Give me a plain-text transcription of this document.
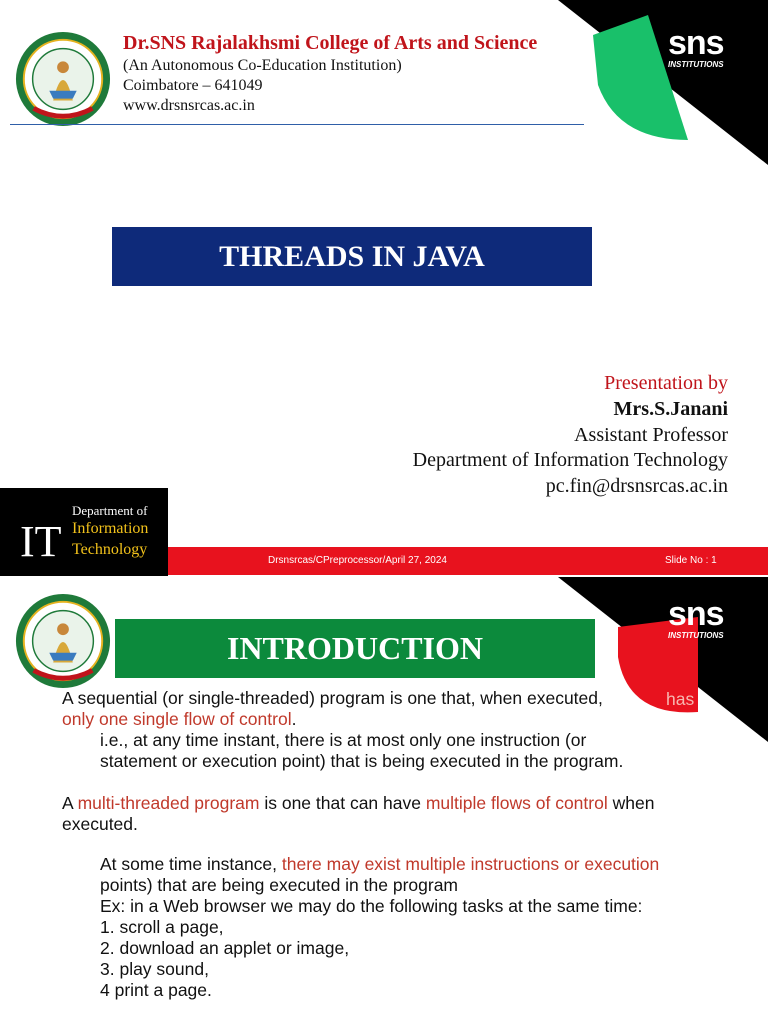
Dr.SNS Rajalakhsmi College of Arts and Science
(An Autonomous Co-Education Institution)
Coimbatore – 641049
www.drsnsrcas.ac.in
sns
INSTITUTIONS
THREADS IN JAVA
Presentation by
Mrs.S.Janani
Assistant Professor
Department of Information Technology
pc.fin@drsnsrcas.ac.in
IT
Department of
Information
Technology
Drsnsrcas/CPreprocessor/April 27, 2024	Slide No : 1
sns
INSTITUTIONS
INTRODUCTION
has
A sequential (or single-threaded) program is one that, when executed,
only one single flow of control.
i.e., at any time instant, there is at most only one instruction (or
statement or execution point) that is being executed in the program.
A multi-threaded program is one that can have multiple flows of control when
executed.
At some time instance, there may exist multiple instructions or execution
points) that are being executed in the program
Ex: in a Web browser we may do the following tasks at the same time:
1. scroll a page,
2. download an applet or image,
3. play sound,
4 print a page.
